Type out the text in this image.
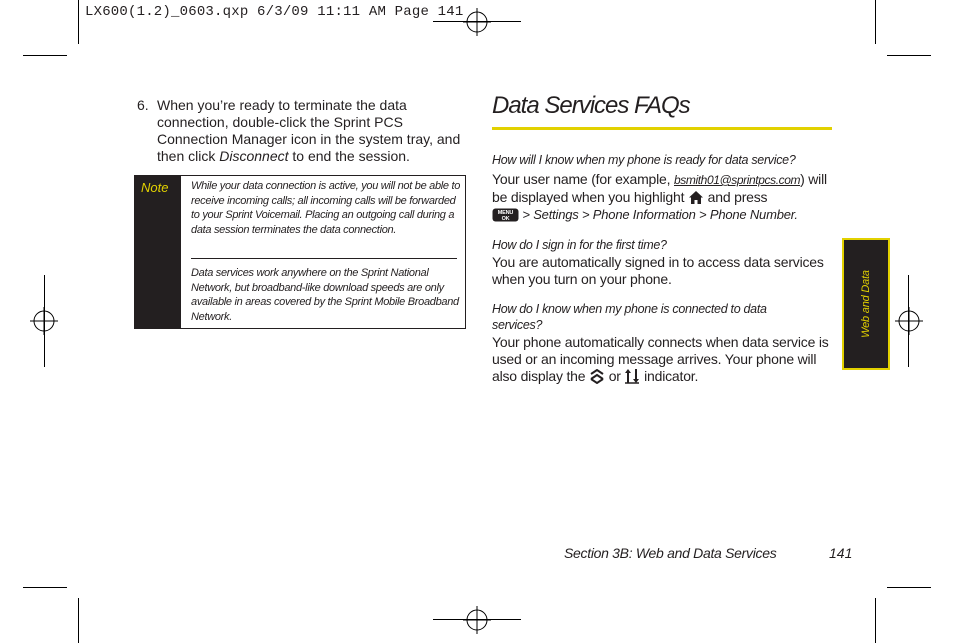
LX600(1.2)_0603.qxp 6/3/09 11:11 AM Page 141
6. When you’re ready to terminate the data connection, double-click the Sprint PCS Connection Manager icon in the system tray, and then click Disconnect to end the session.
Note While your data connection is active, you will not be able to receive incoming calls; all incoming calls will be forwarded to your Sprint Voicemail. Placing an outgoing call during a data session terminates the data connection.
Data services work anywhere on the Sprint National Network, but broadband-like download speeds are only available in areas covered by the Sprint Mobile Broadband Network.
Data Services FAQs
How will I know when my phone is ready for data service?
Your user name (for example, bsmith01@sprintpcs.com) will be displayed when you highlight  and press

MENU
OK > Settings > Phone Information > Phone Number.
How do I sign in for the first time?
You are automatically signed in to access data services when you turn on your phone.
How do I know when my phone is connected to data services?
Your phone automatically connects when data service is used or an incoming message arrives. Your phone will also display the  or  indicator.
Web and Data
Section 3B: Web and Data Services	141
